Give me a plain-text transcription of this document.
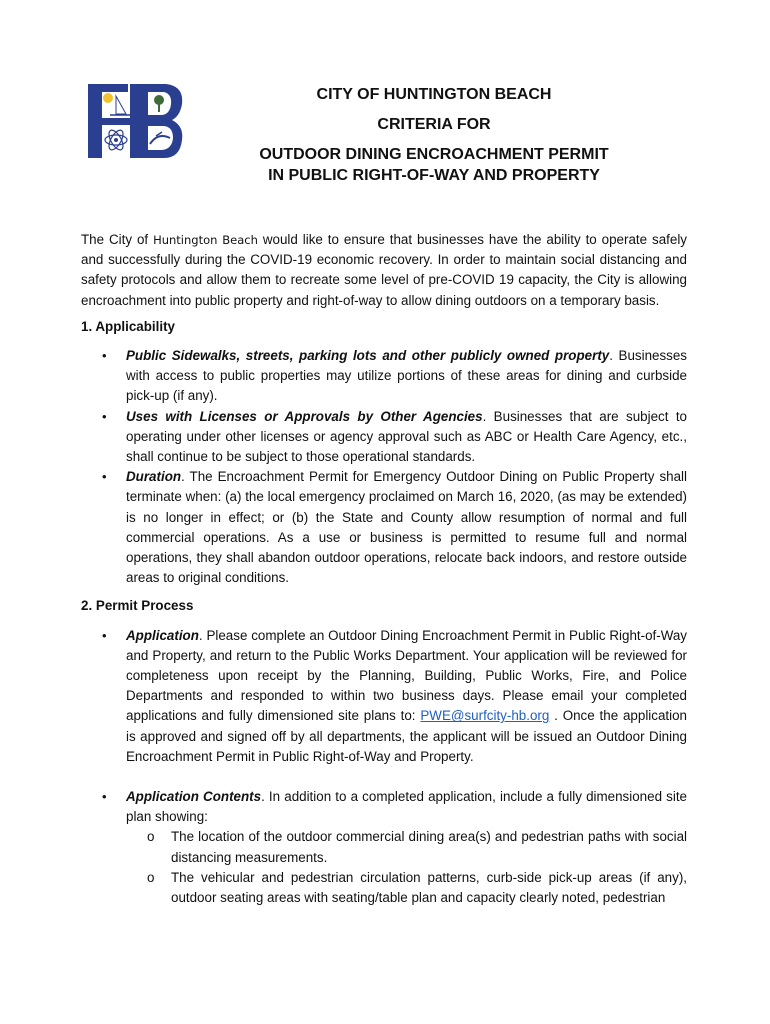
CITY OF HUNTINGTON BEACH
CRITERIA FOR
OUTDOOR DINING ENCROACHMENT PERMIT
IN PUBLIC RIGHT-OF-WAY AND PROPERTY

The City of Huntington Beach would like to ensure that businesses have the ability to operate safely and successfully during the COVID-19 economic recovery. In order to maintain social distancing and safety protocols and allow them to recreate some level of pre-COVID 19 capacity, the City is allowing encroachment into public property and right-of-way to allow dining outdoors on a temporary basis.

1. Applicability
• Public Sidewalks, streets, parking lots and other publicly owned property. Businesses with access to public properties may utilize portions of these areas for dining and curbside pick-up (if any).
• Uses with Licenses or Approvals by Other Agencies. Businesses that are subject to operating under other licenses or agency approval such as ABC or Health Care Agency, etc., shall continue to be subject to those operational standards.
• Duration. The Encroachment Permit for Emergency Outdoor Dining on Public Property shall terminate when: (a) the local emergency proclaimed on March 16, 2020, (as may be extended) is no longer in effect; or (b) the State and County allow resumption of normal and full commercial operations. As a use or business is permitted to resume full and normal operations, they shall abandon outdoor operations, relocate back indoors, and restore outside areas to original conditions.
2. Permit Process
• Application. Please complete an Outdoor Dining Encroachment Permit in Public Right-of-Way and Property, and return to the Public Works Department. Your application will be reviewed for completeness upon receipt by the Planning, Building, Public Works, Fire, and Police Departments and responded to within two business days. Please email your completed applications and fully dimensioned site plans to: PWE@surfcity-hb.org . Once the application is approved and signed off by all departments, the applicant will be issued an Outdoor Dining Encroachment Permit in Public Right-of-Way and Property.
• Application Contents. In addition to a completed application, include a fully dimensioned site plan showing:
o The location of the outdoor commercial dining area(s) and pedestrian paths with social distancing measurements.
o The vehicular and pedestrian circulation patterns, curb-side pick-up areas (if any), outdoor seating areas with seating/table plan and capacity clearly noted, pedestrian
